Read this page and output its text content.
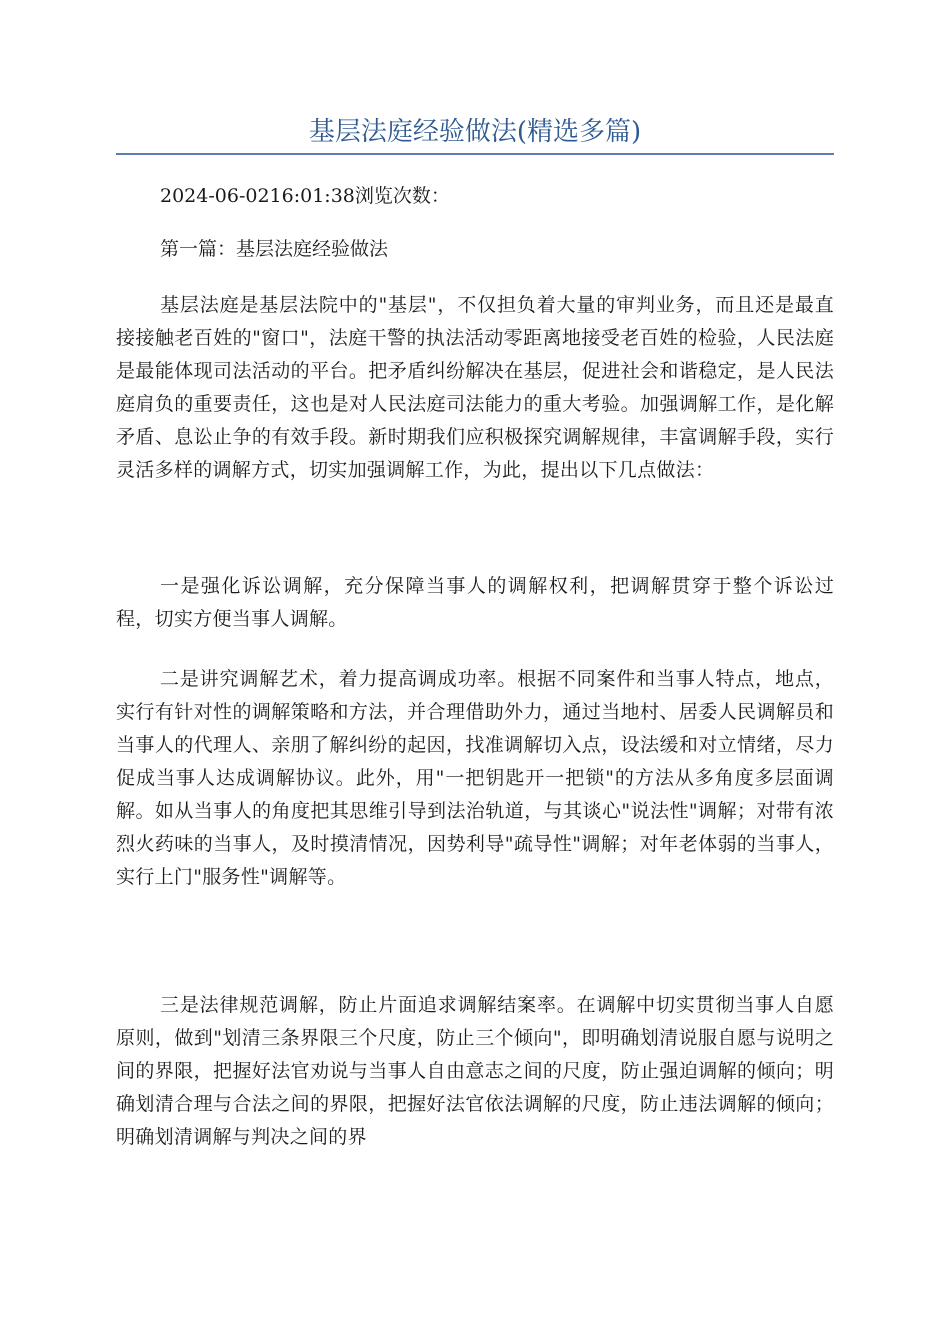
基层法庭经验做法(精选多篇)
2024-06-0216:01:38浏览次数：
第一篇：基层法庭经验做法

基层法庭是基层法院中的"基层"，不仅担负着大量的审判业务，而且还是最直接接触老百姓的"窗口"，法庭干警的执法活动零距离地接受老百姓的检验，人民法庭是最能体现司法活动的平台。把矛盾纠纷解决在基层，促进社会和谐稳定，是人民法庭肩负的重要责任，这也是对人民法庭司法能力的重大考验。加强调解工作，是化解矛盾、息讼止争的有效手段。新时期我们应积极探究调解规律，丰富调解手段，实行灵活多样的调解方式，切实加强调解工作，为此，提出以下几点做法：

一是强化诉讼调解，充分保障当事人的调解权利，把调解贯穿于整个诉讼过程，切实方便当事人调解。

二是讲究调解艺术，着力提高调成功率。根据不同案件和当事人特点，地点，实行有针对性的调解策略和方法，并合理借助外力，通过当地村、居委人民调解员和当事人的代理人、亲朋了解纠纷的起因，找准调解切入点，设法缓和对立情绪，尽力促成当事人达成调解协议。此外，用"一把钥匙开一把锁"的方法从多角度多层面调解。如从当事人的角度把其思维引导到法治轨道，与其谈心"说法性"调解；对带有浓烈火药味的当事人，及时摸清情况，因势利导"疏导性"调解；对年老体弱的当事人，实行上门"服务性"调解等。

三是法律规范调解，防止片面追求调解结案率。在调解中切实贯彻当事人自愿原则，做到"划清三条界限三个尺度，防止三个倾向"，即明确划清说服自愿与说明之间的界限，把握好法官劝说与当事人自由意志之间的尺度，防止强迫调解的倾向；明确划清合理与合法之间的界限，把握好法官依法调解的尺度，防止违法调解的倾向；明确划清调解与判决之间的界
